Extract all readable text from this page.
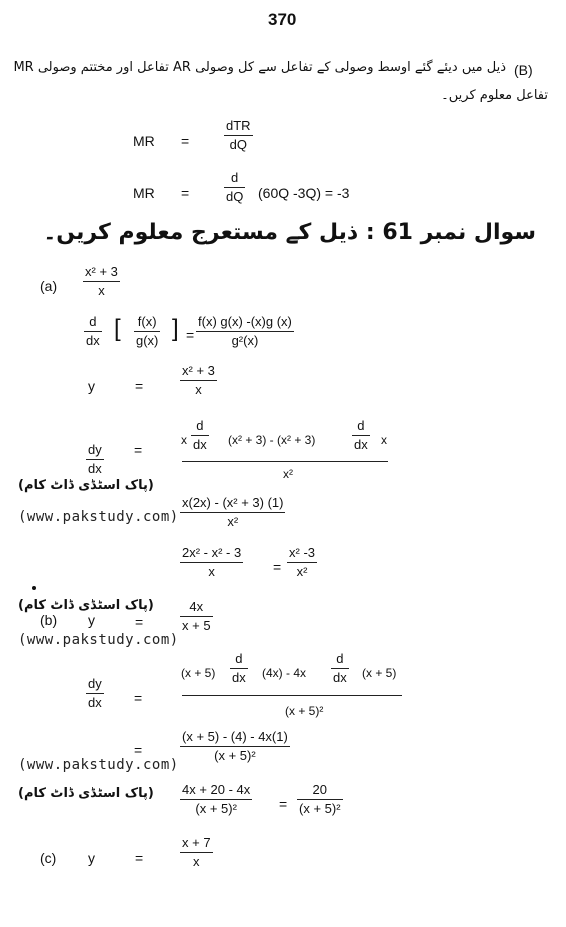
370
(B)
ذیل میں دیئے گئے اوسط وصولی کے تفاعل سے کل وصولی AR تفاعل اور مختتم وصولی MR
تفاعل معلوم کریں۔
MR =
dTR
dQ
MR =
d
dQ (60Q -3Q) = -3
سوال نمبر 61 : ذیل کے مستعرج معلوم کریں۔
(a)
x² + 3
x
d
dx [ f(x)
g(x) ] =
f(x) g(x) -(x)g (x)
g²(x)
y	=
x² + 3
x
dy
dx
=
x
d
dx (x² + 3) - (x² + 3)
d
dx x
x²
x(2x) - (x² + 3) (1)
x²
2x² - x² - 3
x	=
x² -3
x²
(b) y	=
4x
x + 5
dy
dx =
(x + 5)
d
dx (4x) - 4x
d
dx (x + 5)
(x + 5)²
=
(x + 5) - (4) - 4x(1)
(x + 5)²
4x + 20 - 4x
(x + 5)²	=
20
(x + 5)²
(c) y	=
x + 7
x
(پاک اسٹڈی ڈاٹ کام)
(www.pakstudy.com)
(پاک اسٹڈی ڈاٹ کام)
(www.pakstudy.com)
(www.pakstudy.com)
(پاک اسٹڈی ڈاٹ کام)
